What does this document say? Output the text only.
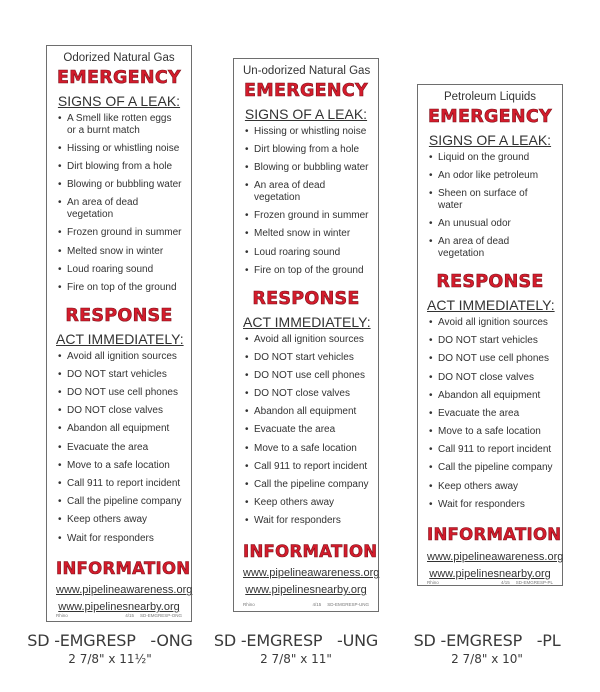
Odorized Natural Gas
EMERGENCY
SIGNS OF A LEAK:
• A Smell like rotten eggs or a burnt match
• Hissing or whistling noise
• Dirt blowing from a hole
• Blowing or bubbling water
• An area of dead vegetation
• Frozen ground in summer
• Melted snow in winter
• Loud roaring sound
• Fire on top of the ground
RESPONSE
ACT IMMEDIATELY:
• Avoid all ignition sources
• DO NOT start vehicles
• DO NOT use cell phones
• DO NOT close valves
• Abandon all equipment
• Evacuate the area
• Move to a safe location
• Call 911 to report incident
• Call the pipeline company
• Keep others away
• Wait for responders
INFORMATION
www.pipelineawareness.org
www.pipelinesnearby.org
Rhino	4/15 SD-EMGRESP-ONG
Un-odorized Natural Gas
EMERGENCY
SIGNS OF A LEAK:
• Hissing or whistling noise
• Dirt blowing from a hole
• Blowing or bubbling water
• An area of dead vegetation
• Frozen ground in summer
• Melted snow in winter
• Loud roaring sound
• Fire on top of the ground
RESPONSE
ACT IMMEDIATELY:
• Avoid all ignition sources
• DO NOT start vehicles
• DO NOT use cell phones
• DO NOT close valves
• Abandon all equipment
• Evacuate the area
• Move to a safe location
• Call 911 to report incident
• Call the pipeline company
• Keep others away
• Wait for responders
INFORMATION
www.pipelineawareness.org
www.pipelinesnearby.org
Rhino	4/15 SD-EMGRESP-UNG
Petroleum Liquids
EMERGENCY
SIGNS OF A LEAK:
• Liquid on the ground
• An odor like petroleum
• Sheen on surface of water
• An unusual odor
• An area of dead vegetation
RESPONSE
ACT IMMEDIATELY:
• Avoid all ignition sources
• DO NOT start vehicles
• DO NOT use cell phones
• DO NOT close valves
• Abandon all equipment
• Evacuate the area
• Move to a safe location
• Call 911 to report incident
• Call the pipeline company
• Keep others away
• Wait for responders
INFORMATION
www.pipelineawareness.org
www.pipelinesnearby.org
Rhino	4/15 SD-EMGRESP-PL
SD -EMGRESP   -ONG
2 7/8" x 11½"
SD -EMGRESP   -UNG
2 7/8" x 11"
SD -EMGRESP   -PL
2 7/8" x 10"
